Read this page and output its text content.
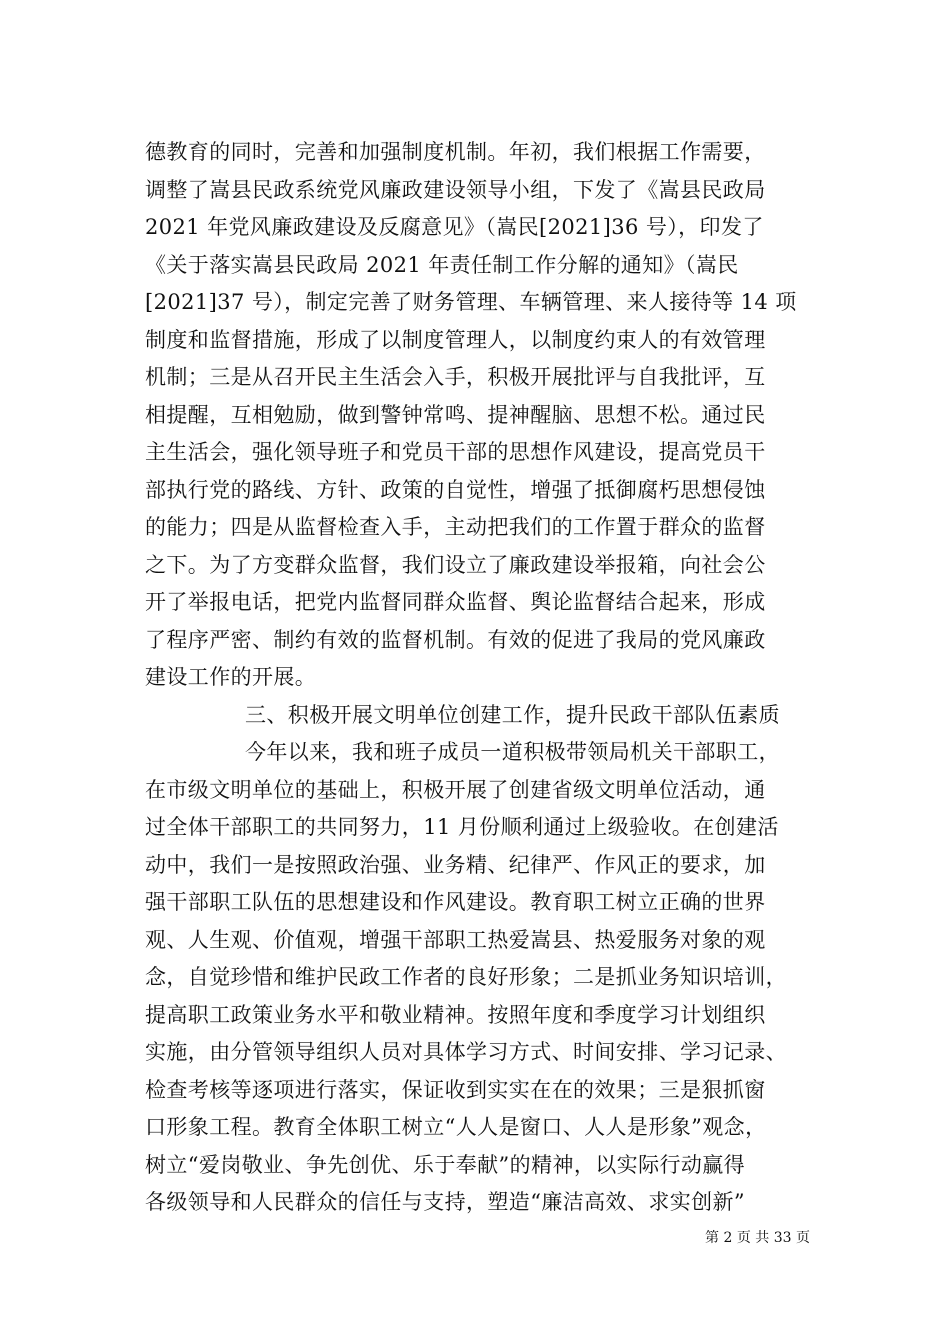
德教育的同时，完善和加强制度机制。年初，我们根据工作需要，
调整了嵩县民政系统党风廉政建设领导小组，下发了《嵩县民政局
2021 年党风廉政建设及反腐意见》（嵩民[2021]36 号），印发了
《关于落实嵩县民政局 2021 年责任制工作分解的通知》（嵩民
[2021]37 号），制定完善了财务管理、车辆管理、来人接待等 14 项
制度和监督措施，形成了以制度管理人，以制度约束人的有效管理
机制；三是从召开民主生活会入手，积极开展批评与自我批评，互
相提醒，互相勉励，做到警钟常鸣、提神醒脑、思想不松。通过民
主生活会，强化领导班子和党员干部的思想作风建设，提高党员干
部执行党的路线、方针、政策的自觉性，增强了抵御腐朽思想侵蚀
的能力；四是从监督检查入手，主动把我们的工作置于群众的监督
之下。为了方变群众监督，我们设立了廉政建设举报箱，向社会公
开了举报电话，把党内监督同群众监督、舆论监督结合起来，形成
了程序严密、制约有效的监督机制。有效的促进了我局的党风廉政
建设工作的开展。
三、积极开展文明单位创建工作，提升民政干部队伍素质
今年以来，我和班子成员一道积极带领局机关干部职工，
在市级文明单位的基础上，积极开展了创建省级文明单位活动，通
过全体干部职工的共同努力，11 月份顺利通过上级验收。在创建活
动中，我们一是按照政治强、业务精、纪律严、作风正的要求，加
强干部职工队伍的思想建设和作风建设。教育职工树立正确的世界
观、人生观、价值观，增强干部职工热爱嵩县、热爱服务对象的观
念，自觉珍惜和维护民政工作者的良好形象；二是抓业务知识培训，
提高职工政策业务水平和敬业精神。按照年度和季度学习计划组织
实施，由分管领导组织人员对具体学习方式、时间安排、学习记录、
检查考核等逐项进行落实，保证收到实实在在的效果；三是狠抓窗
口形象工程。教育全体职工树立“人人是窗口、人人是形象”观念，
树立“爱岗敬业、争先创优、乐于奉献”的精神，以实际行动赢得
各级领导和人民群众的信任与支持，塑造“廉洁高效、求实创新”
第 2 页 共 33 页
